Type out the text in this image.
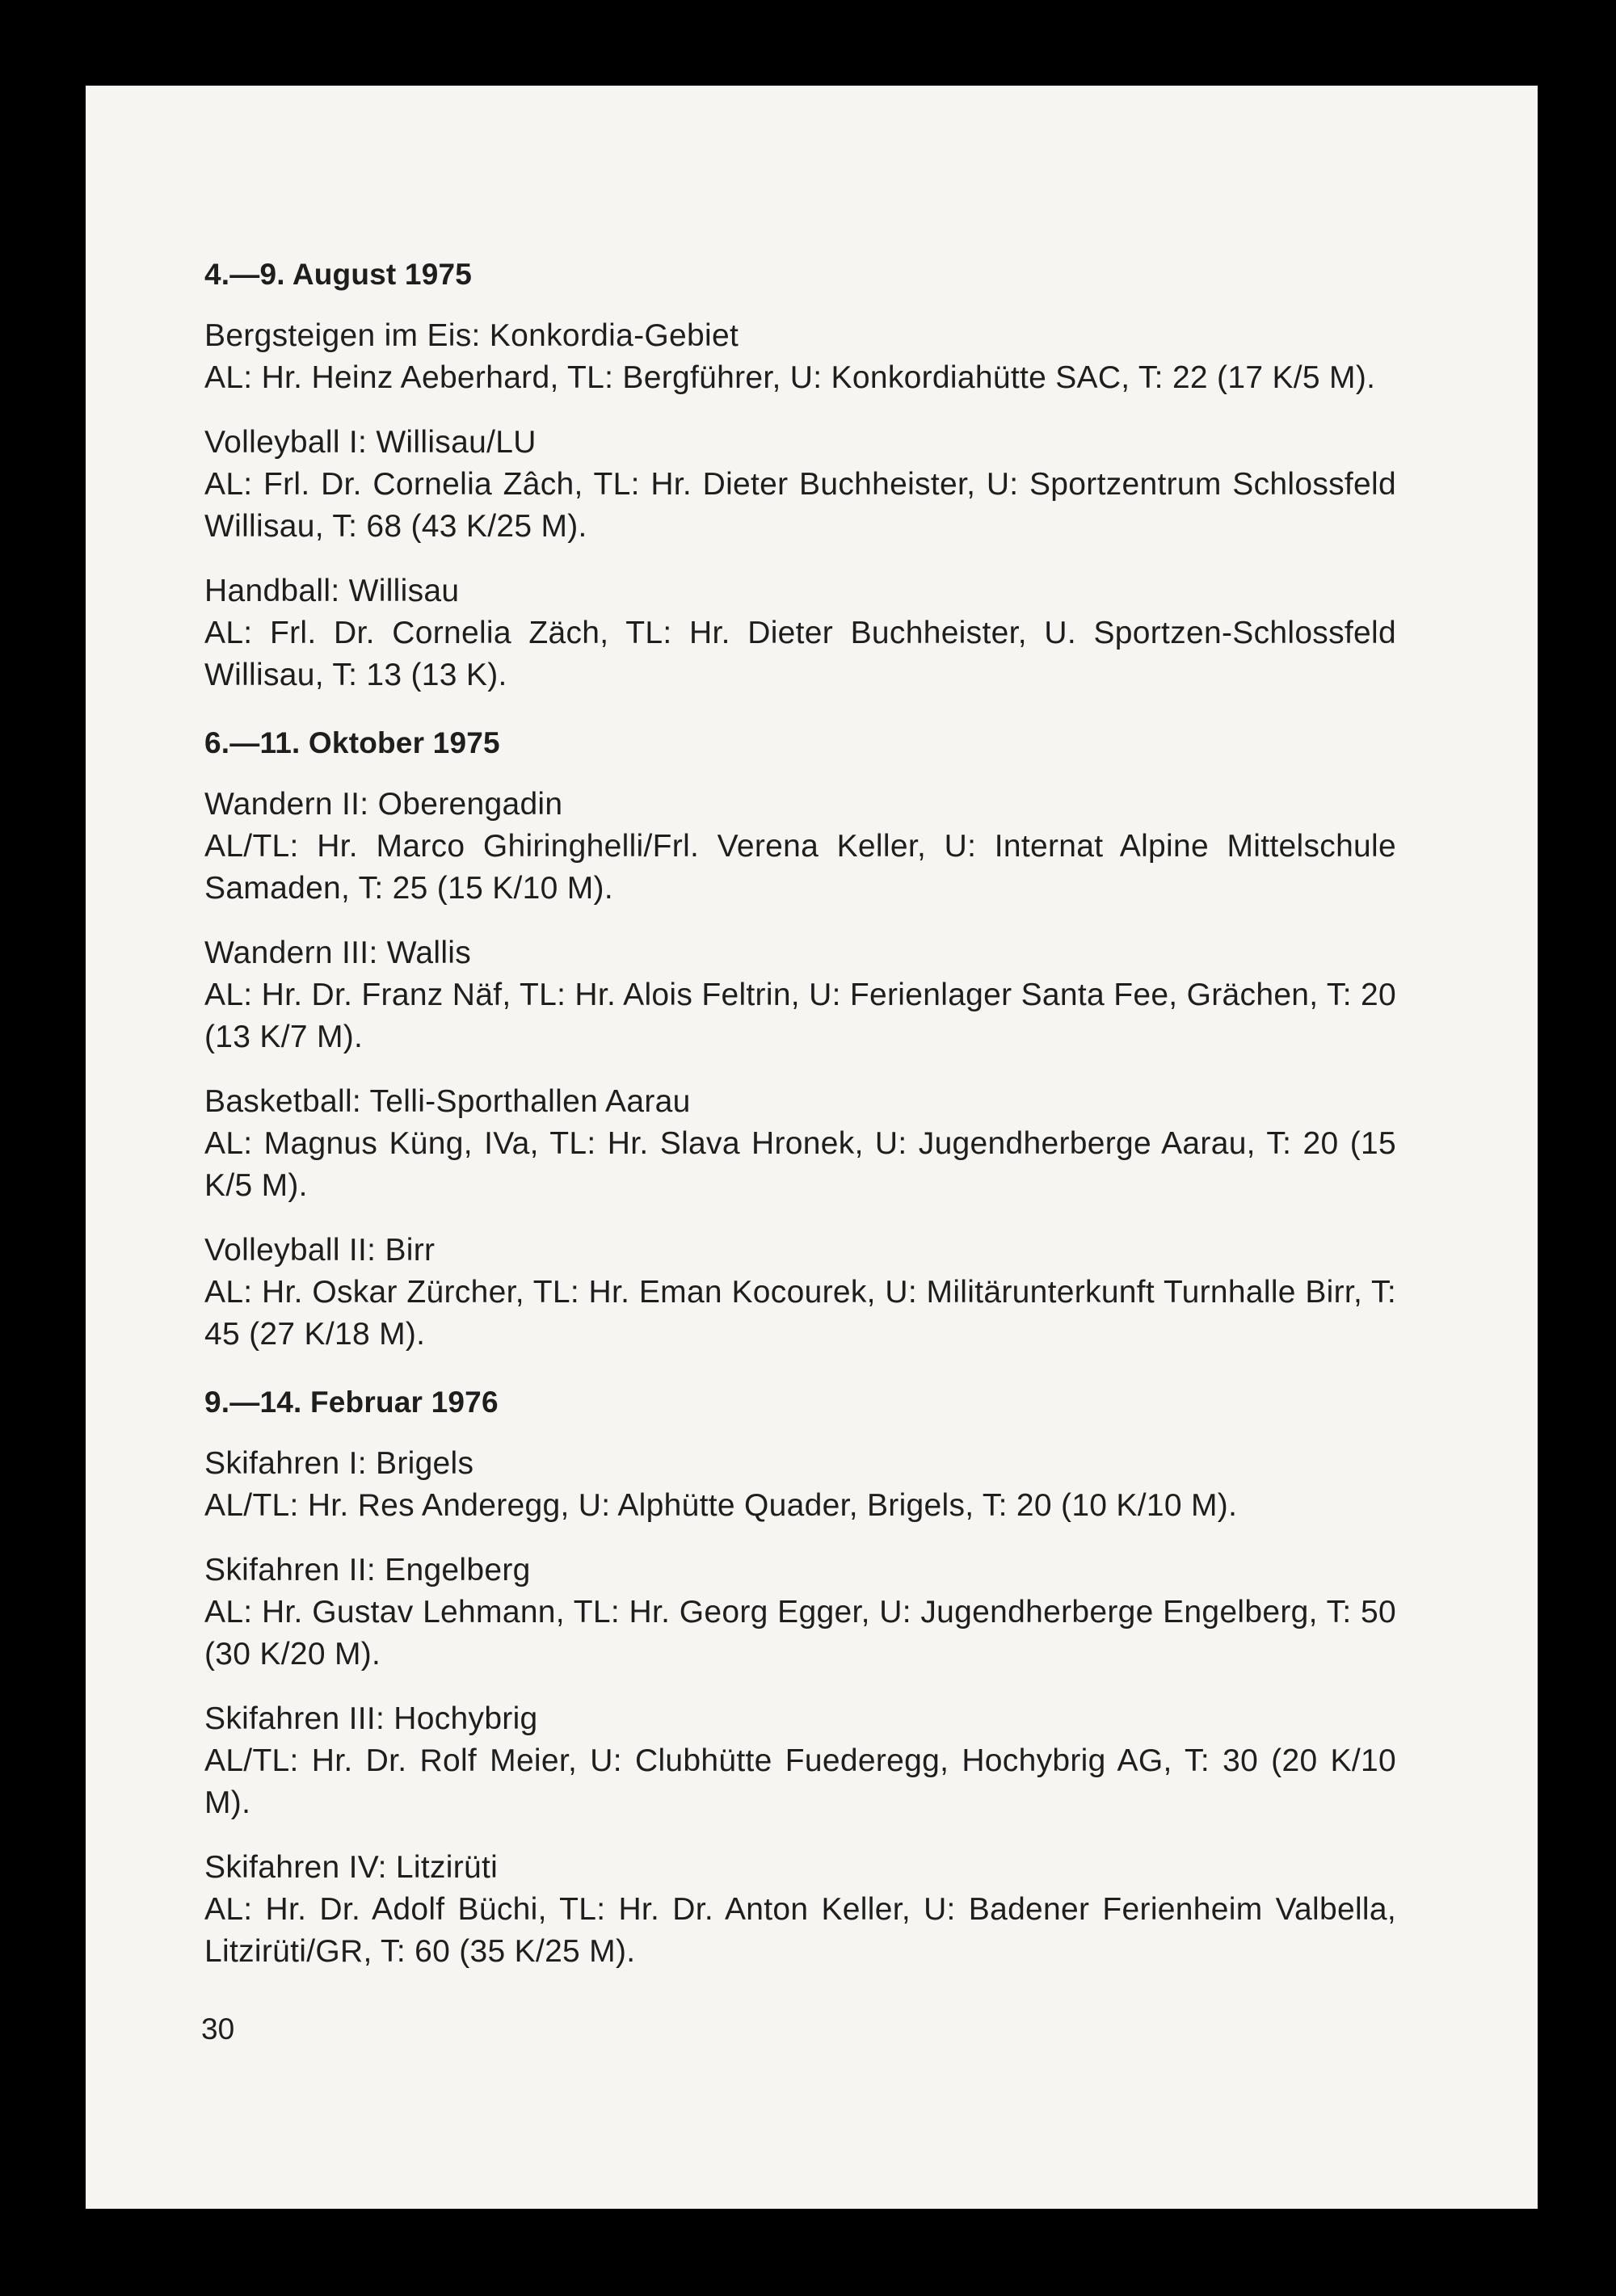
4.—9. August 1975

Bergsteigen im Eis: Konkordia-Gebiet
AL: Hr. Heinz Aeberhard, TL: Bergführer, U: Konkordiahütte SAC, T: 22 (17 K/5 M).

Volleyball I: Willisau/LU
AL: Frl. Dr. Cornelia Zâch, TL: Hr. Dieter Buchheister, U: Sportzentrum Schlossfeld Willisau, T: 68 (43 K/25 M).

Handball: Willisau
AL: Frl. Dr. Cornelia Zäch, TL: Hr. Dieter Buchheister, U. Sportzen-Schlossfeld Willisau, T: 13 (13 K).

6.—11. Oktober 1975

Wandern II: Oberengadin
AL/TL: Hr. Marco Ghiringhelli/Frl. Verena Keller, U: Internat Alpine Mittelschule Samaden, T: 25 (15 K/10 M).

Wandern III: Wallis
AL: Hr. Dr. Franz Näf, TL: Hr. Alois Feltrin, U: Ferienlager Santa Fee, Grächen, T: 20 (13 K/7 M).

Basketball: Telli-Sporthallen Aarau
AL: Magnus Küng, IVa, TL: Hr. Slava Hronek, U: Jugendherberge Aarau, T: 20 (15 K/5 M).

Volleyball II: Birr
AL: Hr. Oskar Zürcher, TL: Hr. Eman Kocourek, U: Militärunterkunft Turnhalle Birr, T: 45 (27 K/18 M).

9.—14. Februar 1976

Skifahren I: Brigels
AL/TL: Hr. Res Anderegg, U: Alphütte Quader, Brigels, T: 20 (10 K/10 M).

Skifahren II: Engelberg
AL: Hr. Gustav Lehmann, TL: Hr. Georg Egger, U: Jugendherberge Engelberg, T: 50 (30 K/20 M).

Skifahren III: Hochybrig
AL/TL: Hr. Dr. Rolf Meier, U: Clubhütte Fuederegg, Hochybrig AG, T: 30 (20 K/10 M).

Skifahren IV: Litzirüti
AL: Hr. Dr. Adolf Büchi, TL: Hr. Dr. Anton Keller, U: Badener Ferienheim Valbella, Litzirüti/GR, T: 60 (35 K/25 M).

30
